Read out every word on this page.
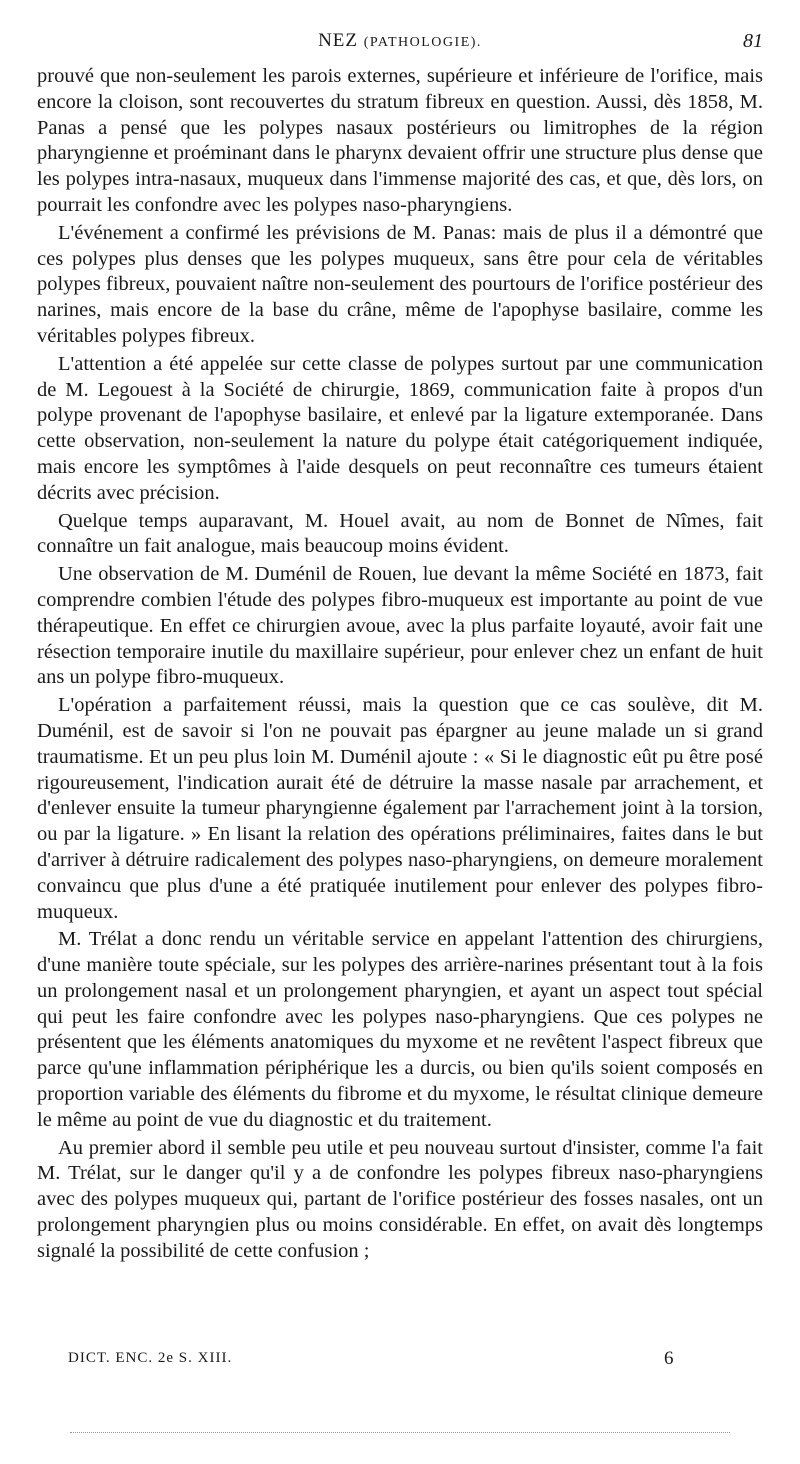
NEZ (PATHOLOGIE).	81

prouvé que non-seulement les parois externes, supérieure et inférieure de l'orifice, mais encore la cloison, sont recouvertes du stratum fibreux en question. Aussi, dès 1858, M. Panas a pensé que les polypes nasaux postérieurs ou limitrophes de la région pharyngienne et proéminant dans le pharynx devaient offrir une structure plus dense que les polypes intra-nasaux, muqueux dans l'immense majorité des cas, et que, dès lors, on pourrait les confondre avec les polypes naso-pharyngiens.

L'événement a confirmé les prévisions de M. Panas: mais de plus il a démontré que ces polypes plus denses que les polypes muqueux, sans être pour cela de véritables polypes fibreux, pouvaient naître non-seulement des pourtours de l'orifice postérieur des narines, mais encore de la base du crâne, même de l'apophyse basilaire, comme les véritables polypes fibreux.

L'attention a été appelée sur cette classe de polypes surtout par une communication de M. Legouest à la Société de chirurgie, 1869, communication faite à propos d'un polype provenant de l'apophyse basilaire, et enlevé par la ligature extemporanée. Dans cette observation, non-seulement la nature du polype était catégoriquement indiquée, mais encore les symptômes à l'aide desquels on peut reconnaître ces tumeurs étaient décrits avec précision.

Quelque temps auparavant, M. Houel avait, au nom de Bonnet de Nîmes, fait connaître un fait analogue, mais beaucoup moins évident.

Une observation de M. Duménil de Rouen, lue devant la même Société en 1873, fait comprendre combien l'étude des polypes fibro-muqueux est importante au point de vue thérapeutique. En effet ce chirurgien avoue, avec la plus parfaite loyauté, avoir fait une résection temporaire inutile du maxillaire supérieur, pour enlever chez un enfant de huit ans un polype fibro-muqueux.

L'opération a parfaitement réussi, mais la question que ce cas soulève, dit M. Duménil, est de savoir si l'on ne pouvait pas épargner au jeune malade un si grand traumatisme. Et un peu plus loin M. Duménil ajoute : « Si le diagnostic eût pu être posé rigoureusement, l'indication aurait été de détruire la masse nasale par arrachement, et d'enlever ensuite la tumeur pharyngienne également par l'arrachement joint à la torsion, ou par la ligature. » En lisant la relation des opérations préliminaires, faites dans le but d'arriver à détruire radicalement des polypes naso-pharyngiens, on demeure moralement convaincu que plus d'une a été pratiquée inutilement pour enlever des polypes fibro-muqueux.

M. Trélat a donc rendu un véritable service en appelant l'attention des chirurgiens, d'une manière toute spéciale, sur les polypes des arrière-narines présentant tout à la fois un prolongement nasal et un prolongement pharyngien, et ayant un aspect tout spécial qui peut les faire confondre avec les polypes naso-pharyngiens. Que ces polypes ne présentent que les éléments anatomiques du myxome et ne revêtent l'aspect fibreux que parce qu'une inflammation périphérique les a durcis, ou bien qu'ils soient composés en proportion variable des éléments du fibrome et du myxome, le résultat clinique demeure le même au point de vue du diagnostic et du traitement.

Au premier abord il semble peu utile et peu nouveau surtout d'insister, comme l'a fait M. Trélat, sur le danger qu'il y a de confondre les polypes fibreux naso-pharyngiens avec des polypes muqueux qui, partant de l'orifice postérieur des fosses nasales, ont un prolongement pharyngien plus ou moins considérable. En effet, on avait dès longtemps signalé la possibilité de cette confusion ;

DICT. ENC. 2e S. XIII.	6
